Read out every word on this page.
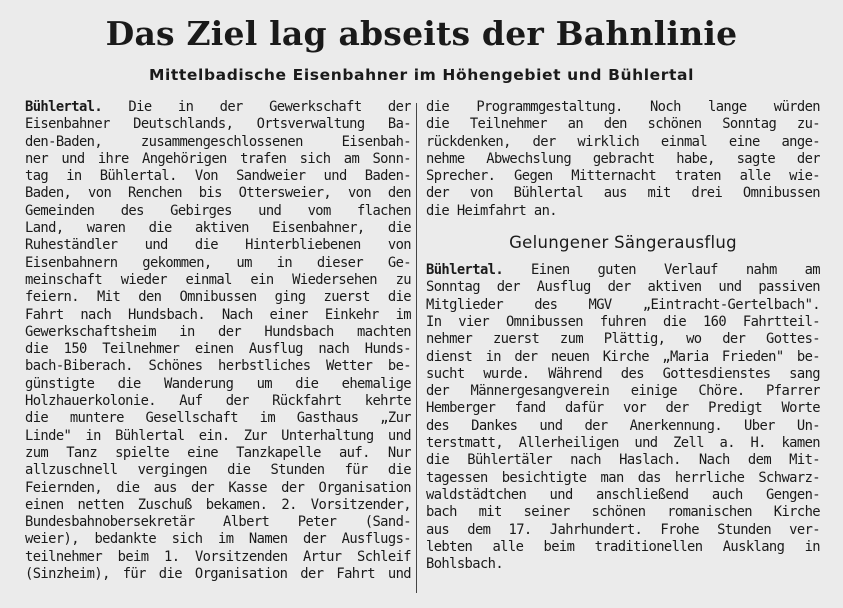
Das Ziel lag abseits der Bahnlinie
Mittelbadische Eisenbahner im Höhengebiet und Bühlertal
Bühlertal. Die in der Gewerkschaft der
Eisenbahner Deutschlands, Ortsverwaltung Ba-
den-Baden, zusammengeschlossenen Eisenbah-
ner und ihre Angehörigen trafen sich am Sonn-
tag in Bühlertal. Von Sandweier und Baden-
Baden, von Renchen bis Ottersweier, von den
Gemeinden des Gebirges und vom flachen
Land, waren die aktiven Eisenbahner, die
Ruheständler und die Hinterbliebenen von
Eisenbahnern gekommen, um in dieser Ge-
meinschaft wieder einmal ein Wiedersehen zu
feiern. Mit den Omnibussen ging zuerst die
Fahrt nach Hundsbach. Nach einer Einkehr im
Gewerkschaftsheim in der Hundsbach machten
die 150 Teilnehmer einen Ausflug nach Hunds-
bach-Biberach. Schönes herbstliches Wetter be-
günstigte die Wanderung um die ehemalige
Holzhauerkolonie. Auf der Rückfahrt kehrte
die muntere Gesellschaft im Gasthaus „Zur
Linde" in Bühlertal ein. Zur Unterhaltung und
zum Tanz spielte eine Tanzkapelle auf. Nur
allzuschnell vergingen die Stunden für die
Feiernden, die aus der Kasse der Organisation
einen netten Zuschuß bekamen. 2. Vorsitzender,
Bundesbahnobersekretär Albert Peter (Sand-
weier), bedankte sich im Namen der Ausflugs-
teilnehmer beim 1. Vorsitzenden Artur Schleif
(Sinzheim), für die Organisation der Fahrt und
die Programmgestaltung. Noch lange würden
die Teilnehmer an den schönen Sonntag zu-
rückdenken, der wirklich einmal eine ange-
nehme Abwechslung gebracht habe, sagte der
Sprecher. Gegen Mitternacht traten alle wie-
der von Bühlertal aus mit drei Omnibussen
die Heimfahrt an.
Gelungener Sängerausflug
Bühlertal. Einen guten Verlauf nahm am
Sonntag der Ausflug der aktiven und passiven
Mitglieder des MGV „Eintracht-Gertelbach".
In vier Omnibussen fuhren die 160 Fahrtteil-
nehmer zuerst zum Plättig, wo der Gottes-
dienst in der neuen Kirche „Maria Frieden" be-
sucht wurde. Während des Gottesdienstes sang
der Männergesangverein einige Chöre. Pfarrer
Hemberger fand dafür vor der Predigt Worte
des Dankes und der Anerkennung. Über Un-
terstmatt, Allerheiligen und Zell a. H. kamen
die Bühlertäler nach Haslach. Nach dem Mit-
tagessen besichtigte man das herrliche Schwarz-
waldstädtchen und anschließend auch Gengen-
bach mit seiner schönen romanischen Kirche
aus dem 17. Jahrhundert. Frohe Stunden ver-
lebten alle beim traditionellen Ausklang in
Bohlsbach.
